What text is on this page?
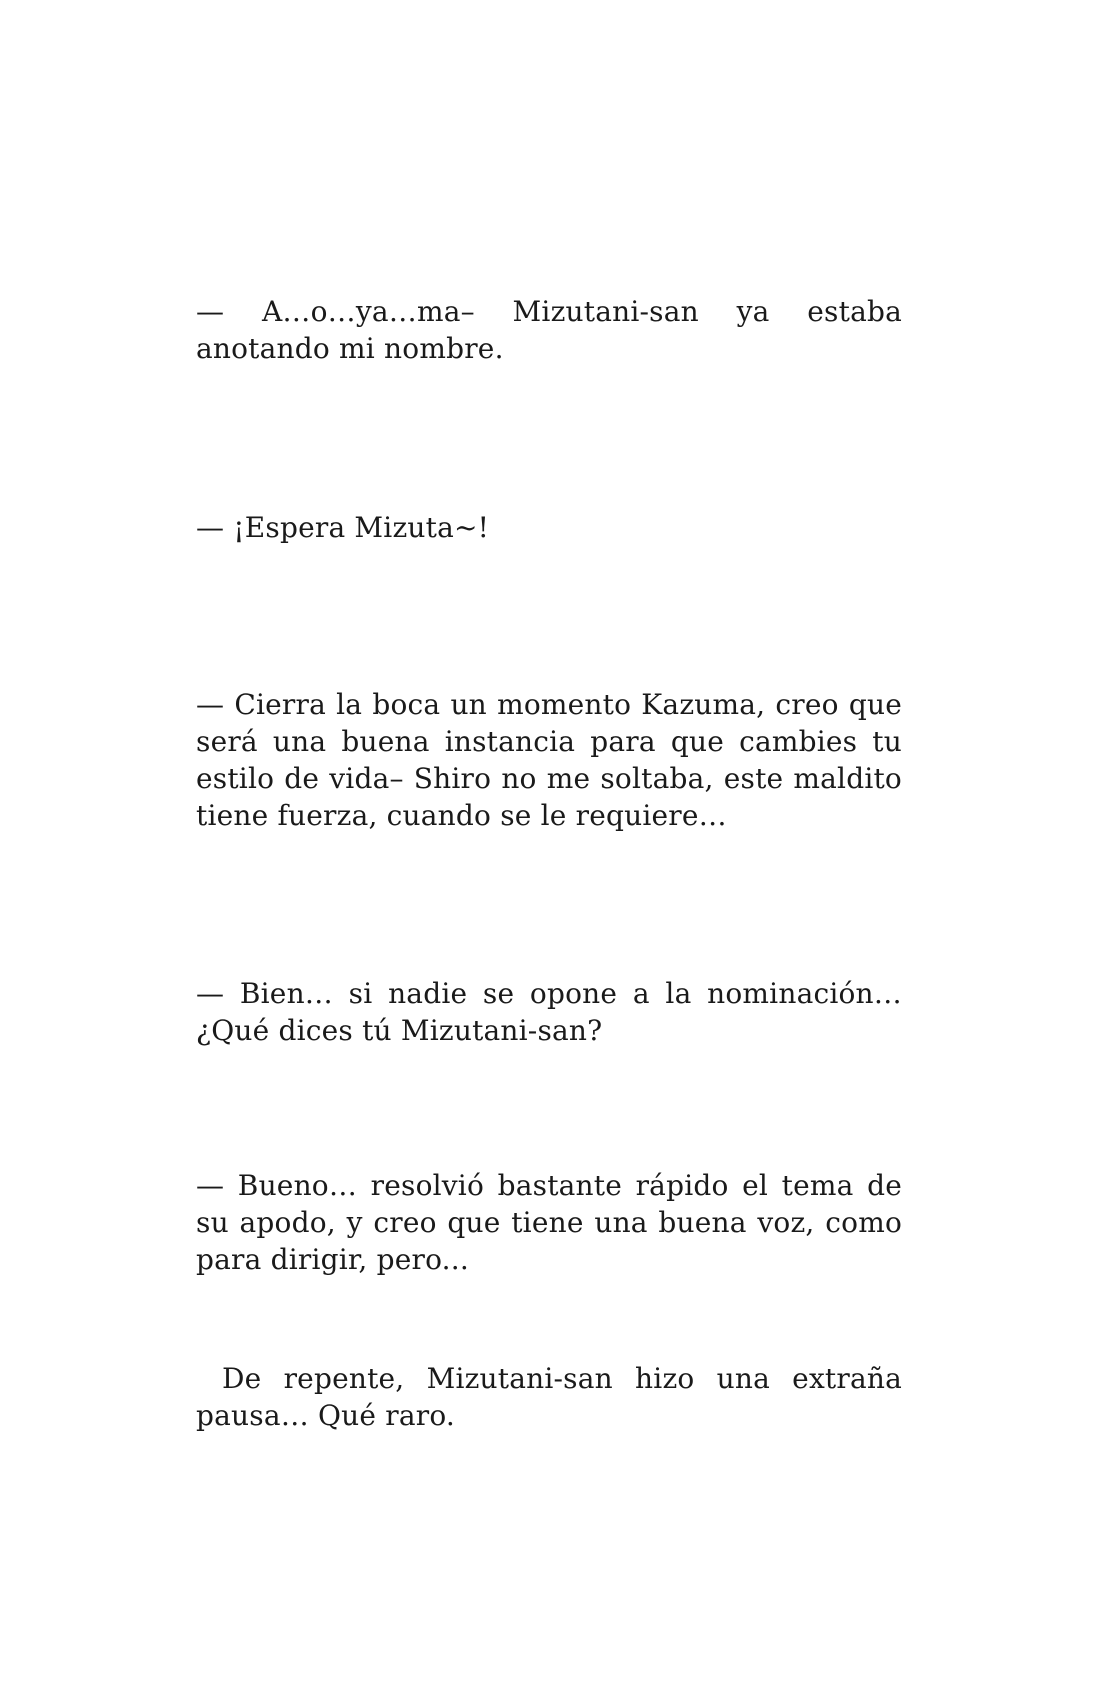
— A…o…ya…ma– Mizutani-san ya estaba
anotando mi nombre.

— ¡Espera Mizuta~!

— Cierra la boca un momento Kazuma, creo que será una buena instancia para que cambies tu estilo de vida– Shiro no me soltaba, este maldito tiene fuerza, cuando se le requiere…

— Bien… si nadie se opone a la nominación… ¿Qué dices tú Mizutani-san?

— Bueno… resolvió bastante rápido el tema de su apodo, y creo que tiene una buena voz, como para dirigir, pero...

De repente, Mizutani-san hizo una extraña pausa… Qué raro.
